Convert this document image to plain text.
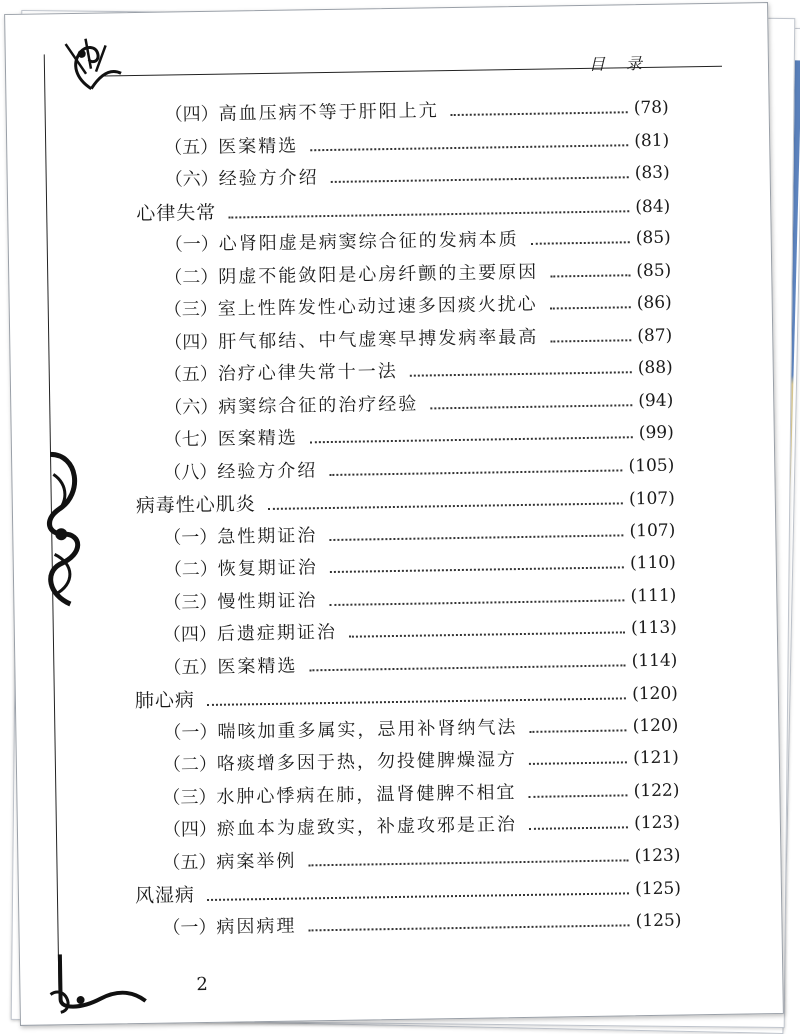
目 录
（四） 高血压病不等于肝阳上亢	(78)
（五） 医案精选	(81)
（六） 经验方介绍	(83)
心律失常	(84)
（一） 心肾阳虚是病窦综合征的发病本质	(85)
（二） 阴虚不能敛阳是心房纤颤的主要原因	(85)
（三） 室上性阵发性心动过速多因痰火扰心	(86)
（四） 肝气郁结、中气虚寒早搏发病率最高	(87)
（五） 治疗心律失常十一法	(88)
（六） 病窦综合征的治疗经验	(94)
（七） 医案精选	(99)
（八） 经验方介绍	(105)
病毒性心肌炎	(107)
（一） 急性期证治	(107)
（二） 恢复期证治	(110)
（三） 慢性期证治	(111)
（四） 后遗症期证治	(113)
（五） 医案精选	(114)
肺心病	(120)
（一） 喘咳加重多属实，忌用补肾纳气法	(120)
（二） 咯痰增多因于热，勿投健脾燥湿方	(121)
（三） 水肿心悸病在肺，温肾健脾不相宜	(122)
（四） 瘀血本为虚致实，补虚攻邪是正治	(123)
（五） 病案举例	(123)
风湿病	(125)
（一） 病因病理	(125)
2
